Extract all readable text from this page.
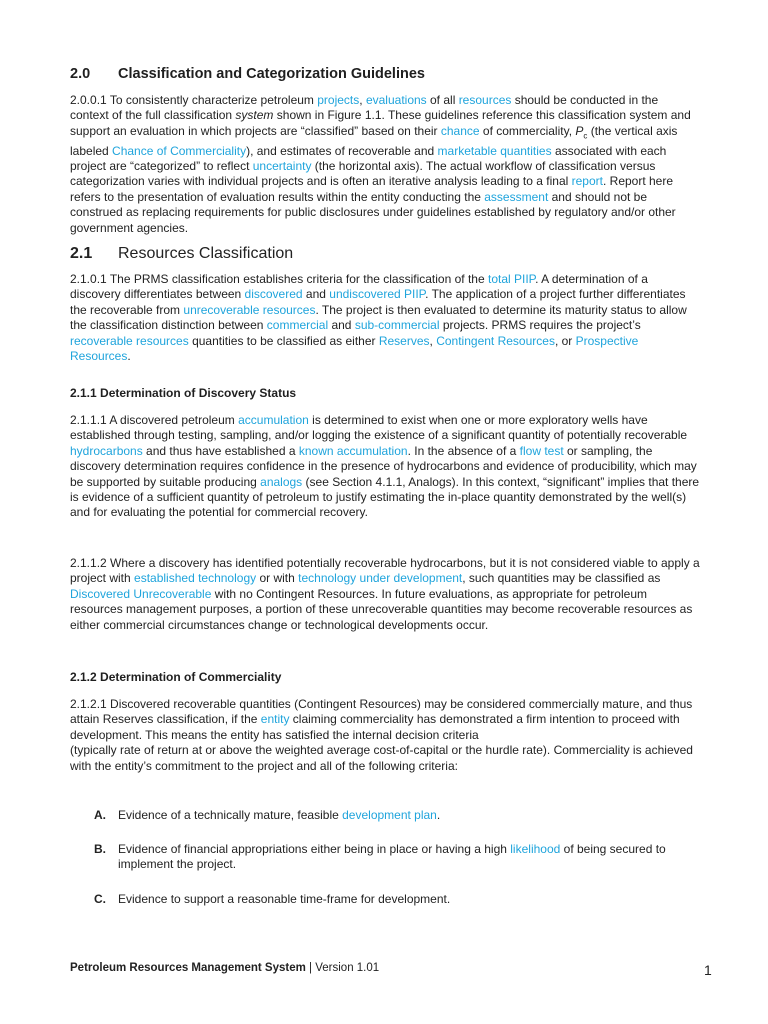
2.0 Classification and Categorization Guidelines
2.0.0.1 To consistently characterize petroleum projects, evaluations of all resources should be conducted in the context of the full classification system shown in Figure 1.1. These guidelines reference this classification system and support an evaluation in which projects are “classified” based on their chance of commerciality, $P_c$ (the vertical axis labeled Chance of Commerciality), and estimates of recoverable and marketable quantities associated with each project are “categorized” to reflect uncertainty (the horizontal axis). The actual workflow of classification versus categorization varies with individual projects and is often an iterative analysis leading to a final report. Report here refers to the presentation of evaluation results within the entity conducting the assessment and should not be construed as replacing requirements for public disclosures under guidelines established by regulatory and/or other government agencies.
2.1 Resources Classification
2.1.0.1 The PRMS classification establishes criteria for the classification of the total PIIP. A determination of a discovery differentiates between discovered and undiscovered PIIP. The application of a project further differentiates the recoverable from unrecoverable resources. The project is then evaluated to determine its maturity status to allow the classification distinction between commercial and sub-commercial projects. PRMS requires the project’s recoverable resources quantities to be classified as either Reserves, Contingent Resources, or Prospective Resources.
2.1.1 Determination of Discovery Status
2.1.1.1 A discovered petroleum accumulation is determined to exist when one or more exploratory wells have established through testing, sampling, and/or logging the existence of a significant quantity of potentially recoverable hydrocarbons and thus have established a known accumulation. In the absence of a flow test or sampling, the discovery determination requires confidence in the presence of hydrocarbons and evidence of producibility, which may be supported by suitable producing analogs (see Section 4.1.1, Analogs). In this context, “significant” implies that there is evidence of a sufficient quantity of petroleum to justify estimating the in-place quantity demonstrated by the well(s) and for evaluating the potential for commercial recovery.
2.1.1.2 Where a discovery has identified potentially recoverable hydrocarbons, but it is not considered viable to apply a project with established technology or with technology under development, such quantities may be classified as Discovered Unrecoverable with no Contingent Resources. In future evaluations, as appropriate for petroleum resources management purposes, a portion of these unrecoverable quantities may become recoverable resources as either commercial circumstances change or technological developments occur.
2.1.2 Determination of Commerciality
2.1.2.1 Discovered recoverable quantities (Contingent Resources) may be considered commercially mature, and thus attain Reserves classification, if the entity claiming commerciality has demonstrated a firm intention to proceed with development. This means the entity has satisfied the internal decision criteria
(typically rate of return at or above the weighted average cost-of-capital or the hurdle rate). Commerciality is achieved with the entity’s commitment to the project and all of the following criteria:
A.	Evidence of a technically mature, feasible development plan.
B.	Evidence of financial appropriations either being in place or having a high likelihood of being secured to implement the project.
C.	Evidence to support a reasonable time-frame for development.
Petroleum Resources Management System | Version 1.01	1
